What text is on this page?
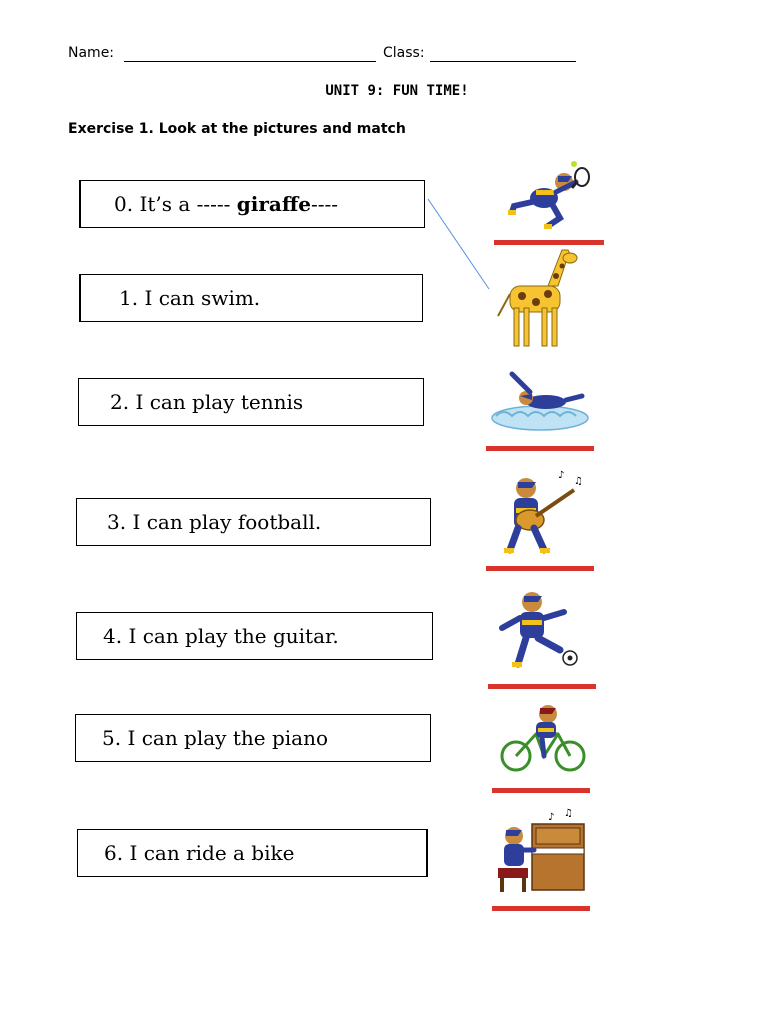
Name:	Class:
UNIT 9: FUN TIME!
Exercise 1. Look at the pictures and match
0. It’s a ----- giraffe----
1. I can swim.
2. I can play tennis
3. I can play football.
4. I can play the guitar.
5. I can play the piano
6. I can ride a bike
♪
♫
♪ ♫
